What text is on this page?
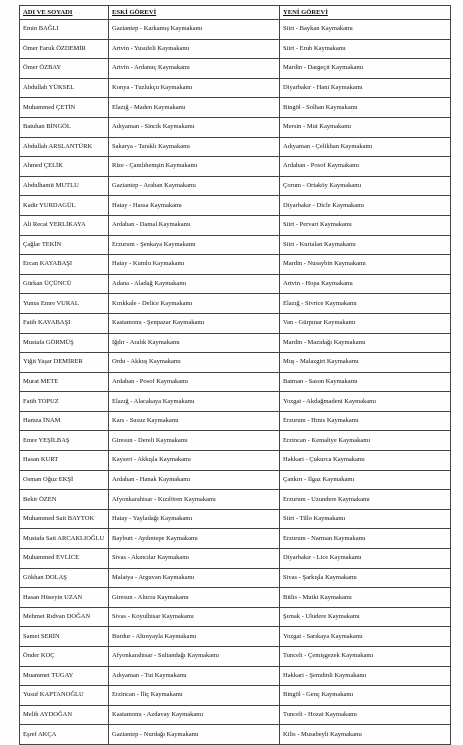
ADI VE SOYADI	ESKİ GÖREVİ	YENİ GÖREVİ
Emin BAĞLI	Gaziantep - Karkamış Kaymakamı	Siirt - Baykan Kaymakamı
Ömer Faruk ÖZDEMİR	Artvin - Yusufeli Kaymakamı	Siirt - Eruh Kaymakamı
Ömer ÖZBAY	Artvin - Ardanuç Kaymakamı	Mardin - Dargeçit Kaymakamı
Abdullah YÜKSEL	Konya - Tuzlukçu Kaymakamı	Diyarbakır - Hani Kaymakamı
Muhammed ÇETİN	Elazığ - Maden Kaymakamı	Bingöl - Solhan Kaymakamı
Batuhan BİNGÖL	Adıyaman - Sincik Kaymakamı	Mersin - Mut Kaymakamı
Abdullah ARSLANTÜRK	Sakarya - Taraklı Kaymakamı	Adıyaman - Çelikhan Kaymakamı
Ahmed ÇELİK	Rize - Çamlıhemşin Kaymakamı	Ardahan - Posof Kaymakamı
Abdulhamit MUTLU	Gaziantep - Araban Kaymakamı	Çorum - Ortaköy Kaymakamı
Kadir YURDAGÜL	Hatay - Hassa Kaymakamı	Diyarbakır - Dicle Kaymakamı
Ali Recai YERLİKAYA	Ardahan - Damal Kaymakamı	Siirt - Pervari Kaymakamı
Çağlar TEKİN	Erzurum - Şenkaya Kaymakamı	Siirt - Kurtalan Kaymakamı
Ercan KAYABAŞI	Hatay - Kumlu Kaymakamı	Mardin - Nusaybin Kaymakamı
Gürkan ÜÇÜNCÜ	Adana - Aladağ Kaymakamı	Artvin - Hopa Kaymakamı
Yunus Emre VURAL	Kırıkkale - Delice Kaymakamı	Elazığ - Sivrice Kaymakamı
Fatih KAYABAŞI	Kastamonu - Şenpazar Kaymakamı	Van - Gürpınar Kaymakamı
Mustafa GÖRMÜŞ	Iğdır - Aralık Kaymakamı	Mardin - Mazıdağı Kaymakamı
Yiğit Yaşar DEMİRER	Ordu - Akkuş Kaymakamı	Muş - Malazgirt Kaymakamı
Murat METE	Ardahan - Posof Kaymakamı	Batman - Sason Kaymakamı
Fatih TOPUZ	Elazığ - Alacakaya Kaymakamı	Yozgat - Akdağmadeni Kaymakamı
Hamza İNAM	Kars - Susuz Kaymakamı	Erzurum - Hınıs Kaymakamı
Emre YEŞİLBAŞ	Giresun - Dereli Kaymakamı	Erzincan - Kemaliye Kaymakamı
Hasan KURT	Kayseri - Akkışla Kaymakamı	Hakkari - Çukurca Kaymakamı
Osman Oğuz EKŞİ	Ardahan - Hanak Kaymakamı	Çankırı - Ilgaz Kaymakamı
Bekir ÖZEN	Afyonkarahisar - Kızılören Kaymakamı	Erzurum - Uzundere Kaymakamı
Muhammed Sait BAYTOK	Hatay - Yayladağı Kaymakamı	Siirt - Tillo Kaymakamı
Mustafa Sait ARCAKLIOĞLU	Bayburt - Aydıntepe Kaymakamı	Erzurum - Narman Kaymakamı
Muhammed EVLİCE	Sivas - Akıncılar Kaymakamı	Diyarbakır - Lice Kaymakamı
Gökhan DOLAŞ	Malatya - Arguvan Kaymakamı	Sivas - Şarkışla Kaymakamı
Hasan Hüseyin UZAN	Giresun - Alucra Kaymakamı	Bitlis - Mutki Kaymakamı
Mehmet Rıdvan DOĞAN	Sivas - Koyulhisar Kaymakamı	Şırnak - Uludere Kaymakamı
Samet SERİN	Burdur - Altınyayla Kaymakamı	Yozgat - Sarıkaya Kaymakamı
Önder KOÇ	Afyonkarahisar - Sultandağı Kaymakamı	Tunceli - Çemişgezek Kaymakamı
Muammet TUGAY	Adıyaman - Tut Kaymakamı	Hakkari - Şemdinli Kaymakamı
Yusuf KAPTANOĞLU	Erzincan - İliç Kaymakamı	Bingöl - Genç Kaymakamı
Melih AYDOĞAN	Kastamonu - Azdavay Kaymakamı	Tunceli - Hozat Kaymakamı
Eşref AKÇA	Gaziantep - Nurdağı Kaymakamı	Kilis - Musabeyli Kaymakamı
